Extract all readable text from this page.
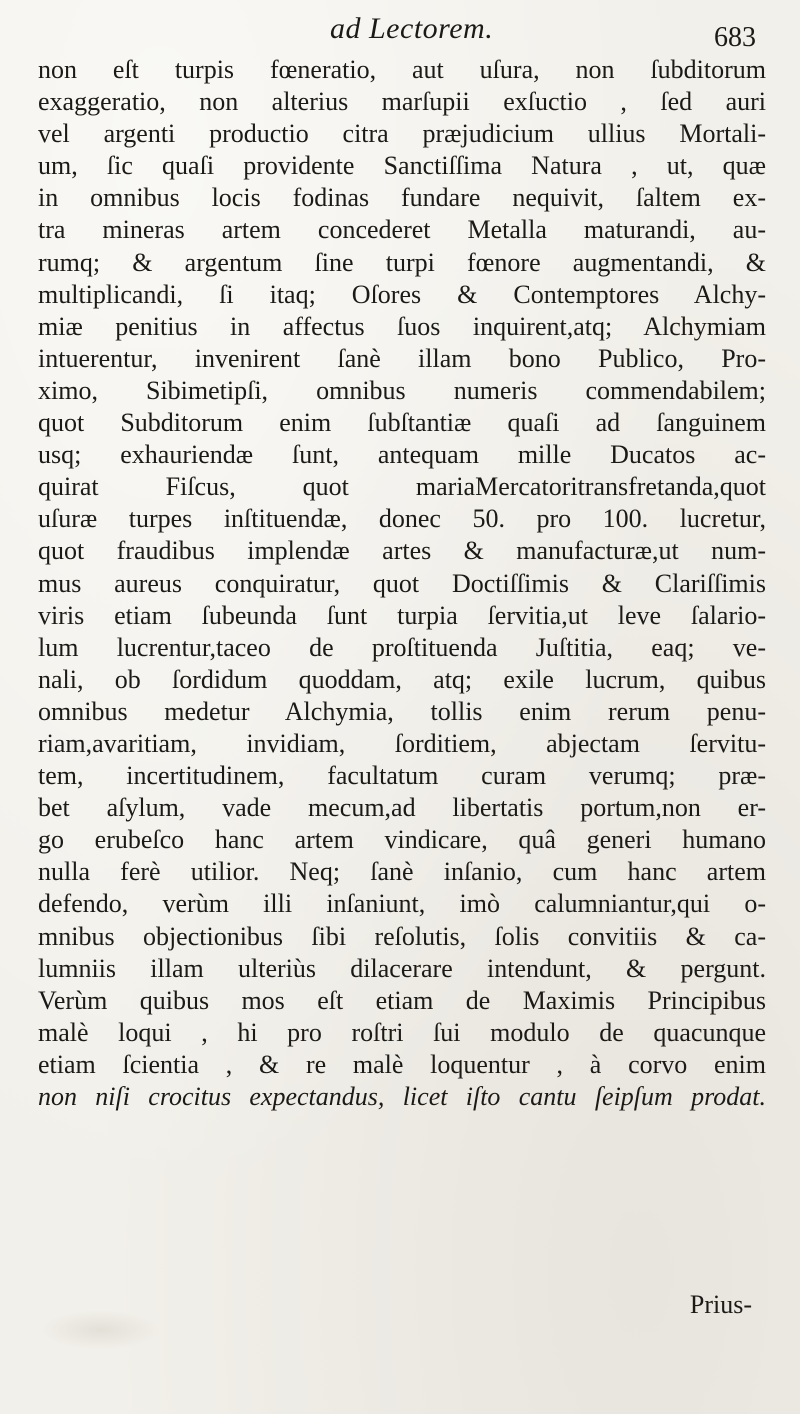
ad Lectorem.	683
non eſt turpis fœneratio, aut uſura, non ſubditorum
exaggeratio, non alterius marſupii exſuctio , ſed auri
vel argenti productio citra præjudicium ullius Mortali-
um, ſic quaſi providente Sanctiſſima Natura , ut, quæ
in omnibus locis fodinas fundare nequivit, ſaltem ex-
tra mineras artem concederet Metalla maturandi, au-
rumq; & argentum ſine turpi fœnore augmentandi, &
multiplicandi, ſi itaq; Oſores & Contemptores Alchy-
miæ penitius in affectus ſuos inquirent,atq; Alchymiam
intuerentur, invenirent ſanè illam bono Publico, Pro-
ximo, Sibimetipſi, omnibus numeris commendabilem;
quot Subditorum enim ſubſtantiæ quaſi ad ſanguinem
usq; exhauriendæ ſunt, antequam mille Ducatos ac-
quirat Fiſcus, quot mariaMercatoritransfretanda,quot
uſuræ turpes inſtituendæ, donec 50. pro 100. lucretur,
quot fraudibus implendæ artes & manufacturæ,ut num-
mus aureus conquiratur, quot Doctiſſimis & Clariſſimis
viris etiam ſubeunda ſunt turpia ſervitia,ut leve ſalario-
lum lucrentur,taceo de proſtituenda Juſtitia, eaq; ve-
nali, ob ſordidum quoddam, atq; exile lucrum, quibus
omnibus medetur Alchymia, tollis enim rerum penu-
riam,avaritiam, invidiam, ſorditiem, abjectam ſervitu-
tem, incertitudinem, facultatum curam verumq; præ-
bet aſylum, vade mecum,ad libertatis portum,non er-
go erubeſco hanc artem vindicare, quâ generi humano
nulla ferè utilior. Neq; ſanè inſanio, cum hanc artem
defendo, verùm illi inſaniunt, imò calumniantur,qui o-
mnibus objectionibus ſibi reſolutis, ſolis convitiis & ca-
lumniis illam ulteriùs dilacerare intendunt, & pergunt.
Verùm quibus mos eſt etiam de Maximis Principibus
malè loqui , hi pro roſtri ſui modulo de quacunque
etiam ſcientia , & re malè loquentur , à corvo enim
non niſi crocitus expectandus, licet iſto cantu ſeipſum prodat.
Prius-
